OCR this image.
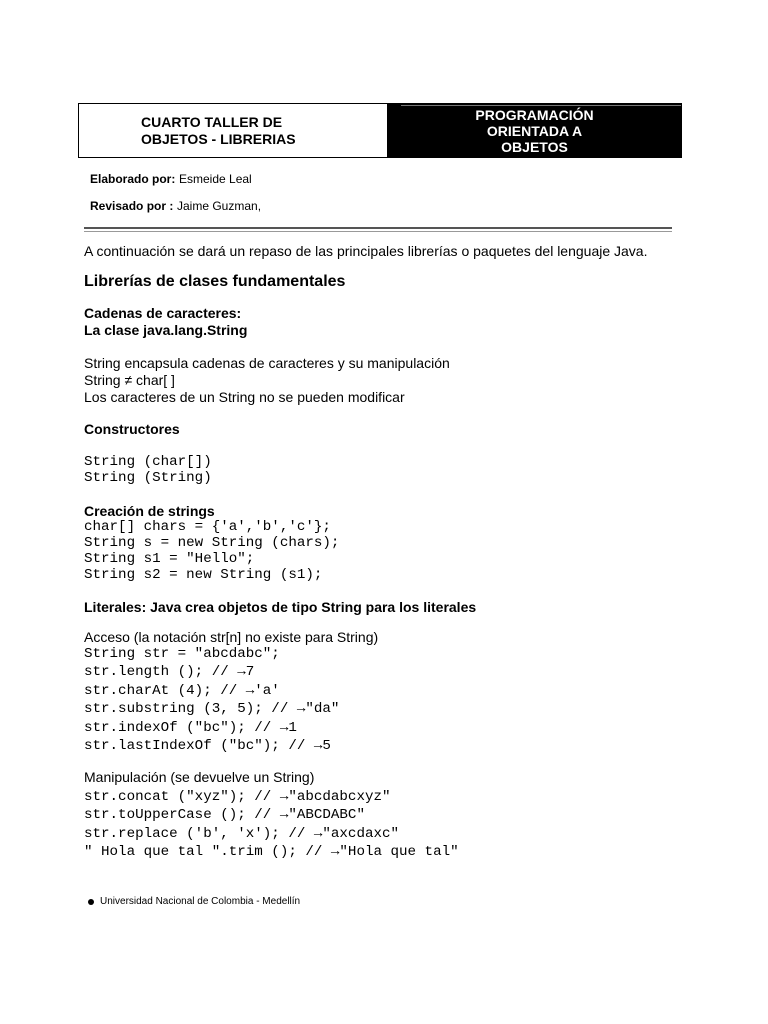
CUARTO TALLER DE
OBJETOS - LIBRERIAS
PROGRAMACIÓN
ORIENTADA A
OBJETOS
Elaborado por: Esmeide Leal
Revisado por : Jaime Guzman,
A continuación se dará un repaso de las principales librerías o paquetes del lenguaje Java.
Librerías de clases fundamentales
Cadenas de caracteres:
La clase java.lang.String
String encapsula cadenas de caracteres y su manipulación
String ≠ char[ ]
Los caracteres de un String no se pueden modificar
Constructores
String (char[])
String (String)
Creación de strings
char[] chars = {'a','b','c'};
String s = new String (chars);
String s1 = "Hello";
String s2 = new String (s1);
Literales: Java crea objetos de tipo String para los literales
Acceso (la notación str[n] no existe para String)
String str = "abcdabc";
str.length (); // →7
str.charAt (4); // →'a'
str.substring (3, 5); // →"da"
str.indexOf ("bc"); // →1
str.lastIndexOf ("bc"); // →5
Manipulación (se devuelve un String)
str.concat ("xyz"); // →"abcdabcxyz"
str.toUpperCase (); // →"ABCDABC"
str.replace ('b', 'x'); // →"axcdaxc"
" Hola que tal ".trim (); // →"Hola que tal"
Universidad Nacional de Colombia - Medellín
